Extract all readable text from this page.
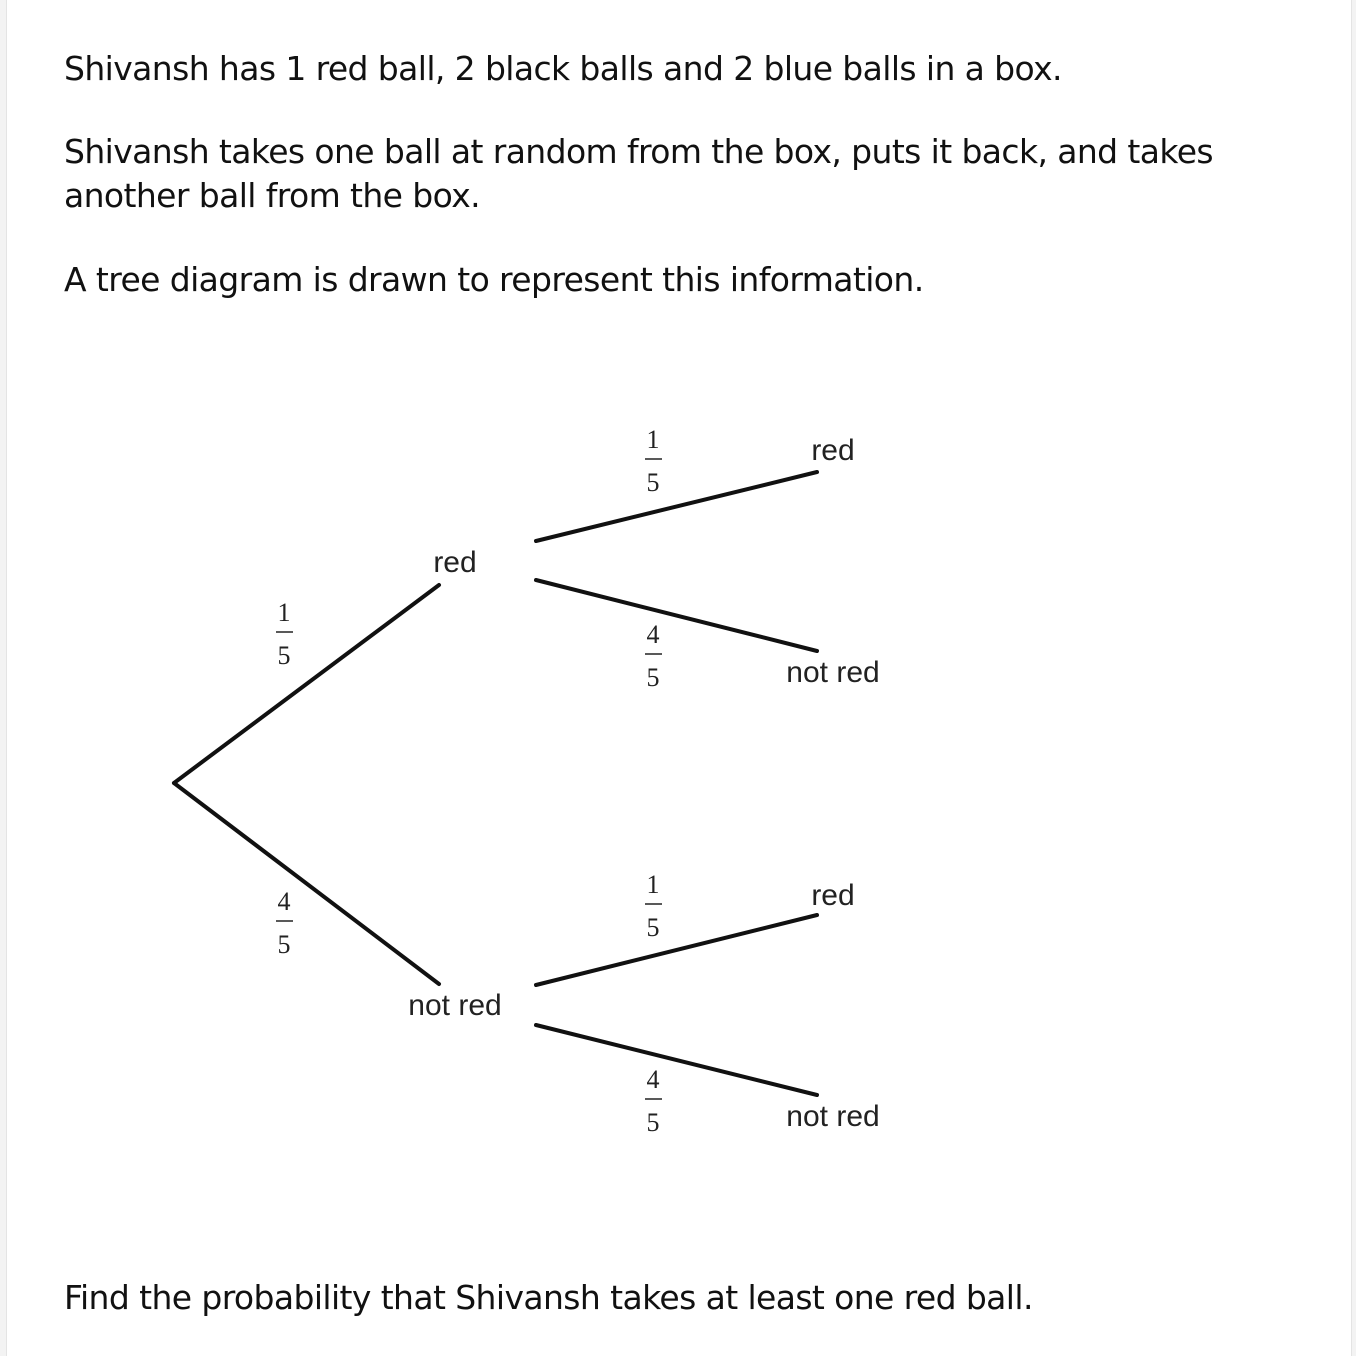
Shivansh has 1 red ball, 2 black balls and 2 blue balls in a box.

Shivansh takes one ball at random from the box, puts it back, and takes another ball from the box.

A tree diagram is drawn to represent this information.

red
not red
red
not red
red
not red
1
5
4
5
1
5
4
5
1
5
4
5

Find the probability that Shivansh takes at least one red ball.
